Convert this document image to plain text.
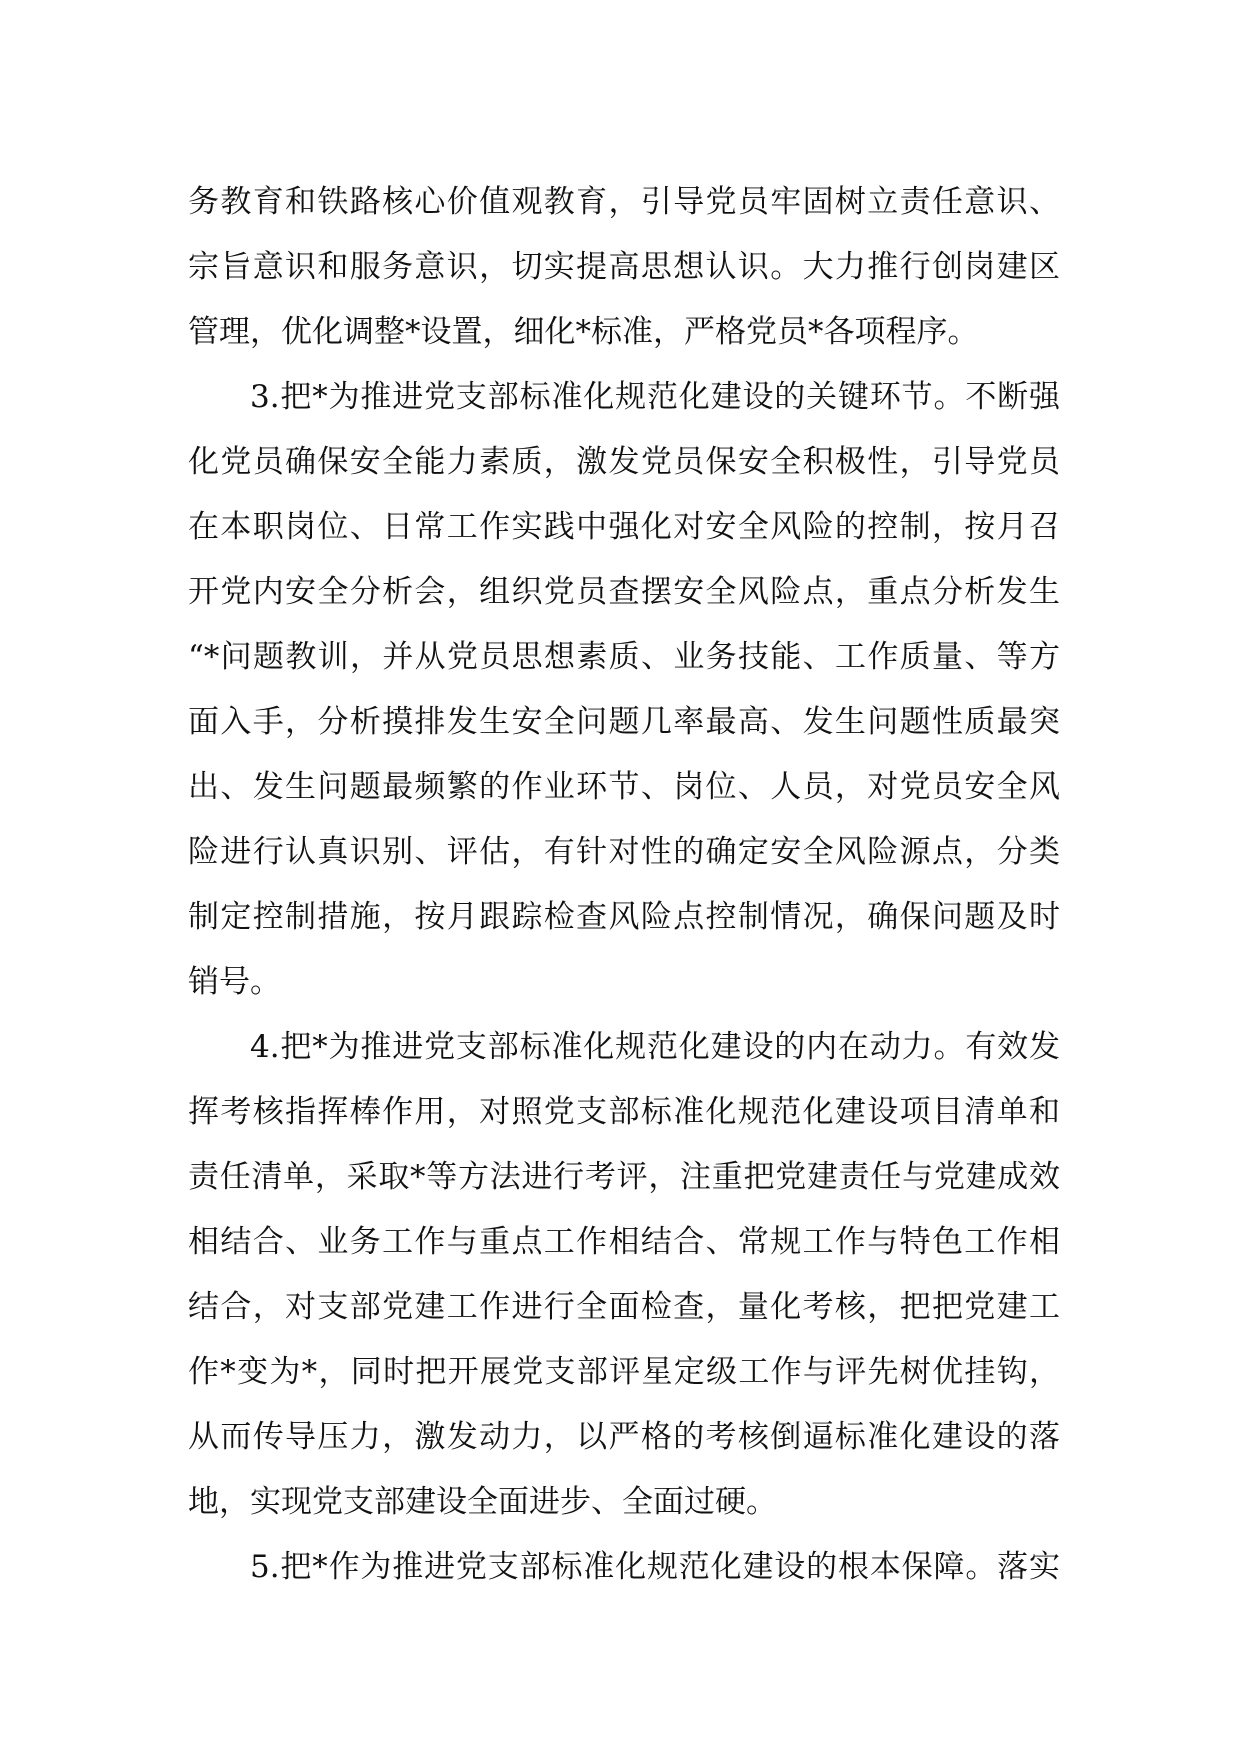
务教育和铁路核心价值观教育，引导党员牢固树立责任意识、
宗旨意识和服务意识，切实提高思想认识。大力推行创岗建区
管理，优化调整*设置，细化*标准，严格党员*各项程序。
3.把*为推进党支部标准化规范化建设的关键环节。不断强
化党员确保安全能力素质，激发党员保安全积极性，引导党员
在本职岗位、日常工作实践中强化对安全风险的控制，按月召
开党内安全分析会，组织党员查摆安全风险点，重点分析发生
“*问题教训，并从党员思想素质、业务技能、工作质量、等方
面入手，分析摸排发生安全问题几率最高、发生问题性质最突
出、发生问题最频繁的作业环节、岗位、人员，对党员安全风
险进行认真识别、评估，有针对性的确定安全风险源点，分类
制定控制措施，按月跟踪检查风险点控制情况，确保问题及时
销号。
4.把*为推进党支部标准化规范化建设的内在动力。有效发
挥考核指挥棒作用，对照党支部标准化规范化建设项目清单和
责任清单，采取*等方法进行考评，注重把党建责任与党建成效
相结合、业务工作与重点工作相结合、常规工作与特色工作相
结合，对支部党建工作进行全面检查，量化考核，把把党建工
作*变为*，同时把开展党支部评星定级工作与评先树优挂钩，
从而传导压力，激发动力，以严格的考核倒逼标准化建设的落
地，实现党支部建设全面进步、全面过硬。
5.把*作为推进党支部标准化规范化建设的根本保障。落实
